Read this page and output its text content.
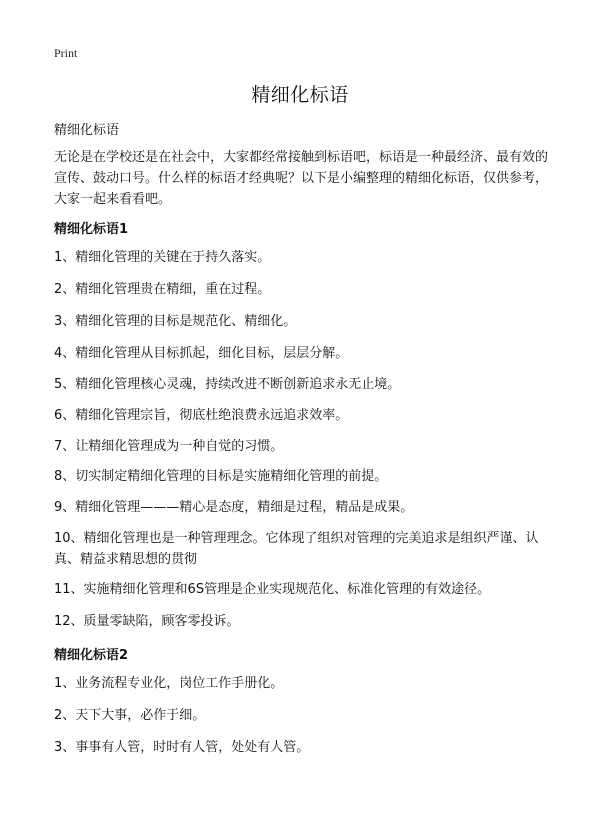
Print
精细化标语
精细化标语
无论是在学校还是在社会中，大家都经常接触到标语吧，标语是一种最经济、最有效的宣传、鼓动口号。什么样的标语才经典呢？以下是小编整理的精细化标语，仅供参考，大家一起来看看吧。
精细化标语1
1、精细化管理的关键在于持久落实。
2、精细化管理贵在精细，重在过程。
3、精细化管理的目标是规范化、精细化。
4、精细化管理从目标抓起，细化目标，层层分解。
5、精细化管理核心灵魂，持续改进不断创新追求永无止境。
6、精细化管理宗旨，彻底杜绝浪费永远追求效率。
7、让精细化管理成为一种自觉的习惯。
8、切实制定精细化管理的目标是实施精细化管理的前提。
9、精细化管理———精心是态度，精细是过程，精品是成果。
10、精细化管理也是一种管理理念。它体现了组织对管理的完美追求是组织严谨、认真、精益求精思想的贯彻
11、实施精细化管理和6S管理是企业实现规范化、标准化管理的有效途径。
12、质量零缺陷，顾客零投诉。
精细化标语2
1、业务流程专业化，岗位工作手册化。
2、天下大事，必作于细。
3、事事有人管，时时有人管，处处有人管。
